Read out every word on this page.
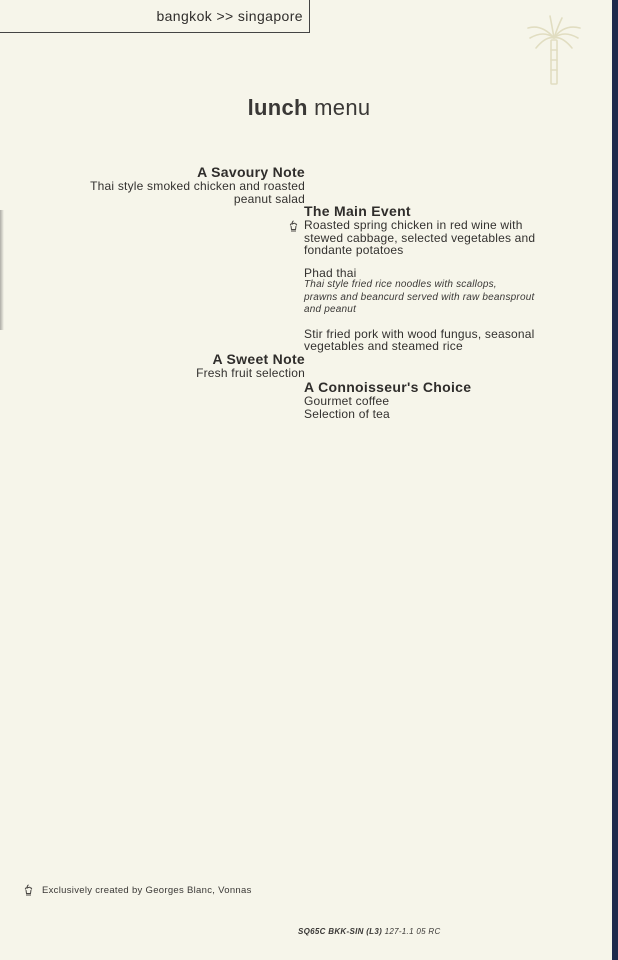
bangkok >> singapore
lunch menu
A Savoury Note
Thai style smoked chicken and roasted
peanut salad
The Main Event
Roasted spring chicken in red wine with
stewed cabbage, selected vegetables and
fondante potatoes
Phad thai
Thai style fried rice noodles with scallops,
prawns and beancurd served with raw beansprout
and peanut
Stir fried pork with wood fungus, seasonal
vegetables and steamed rice
A Sweet Note
Fresh fruit selection
A Connoisseur's Choice
Gourmet coffee
Selection of tea
Exclusively created by Georges Blanc, Vonnas
SQ65C BKK-SIN (L3) 127-1.1 05 RC
